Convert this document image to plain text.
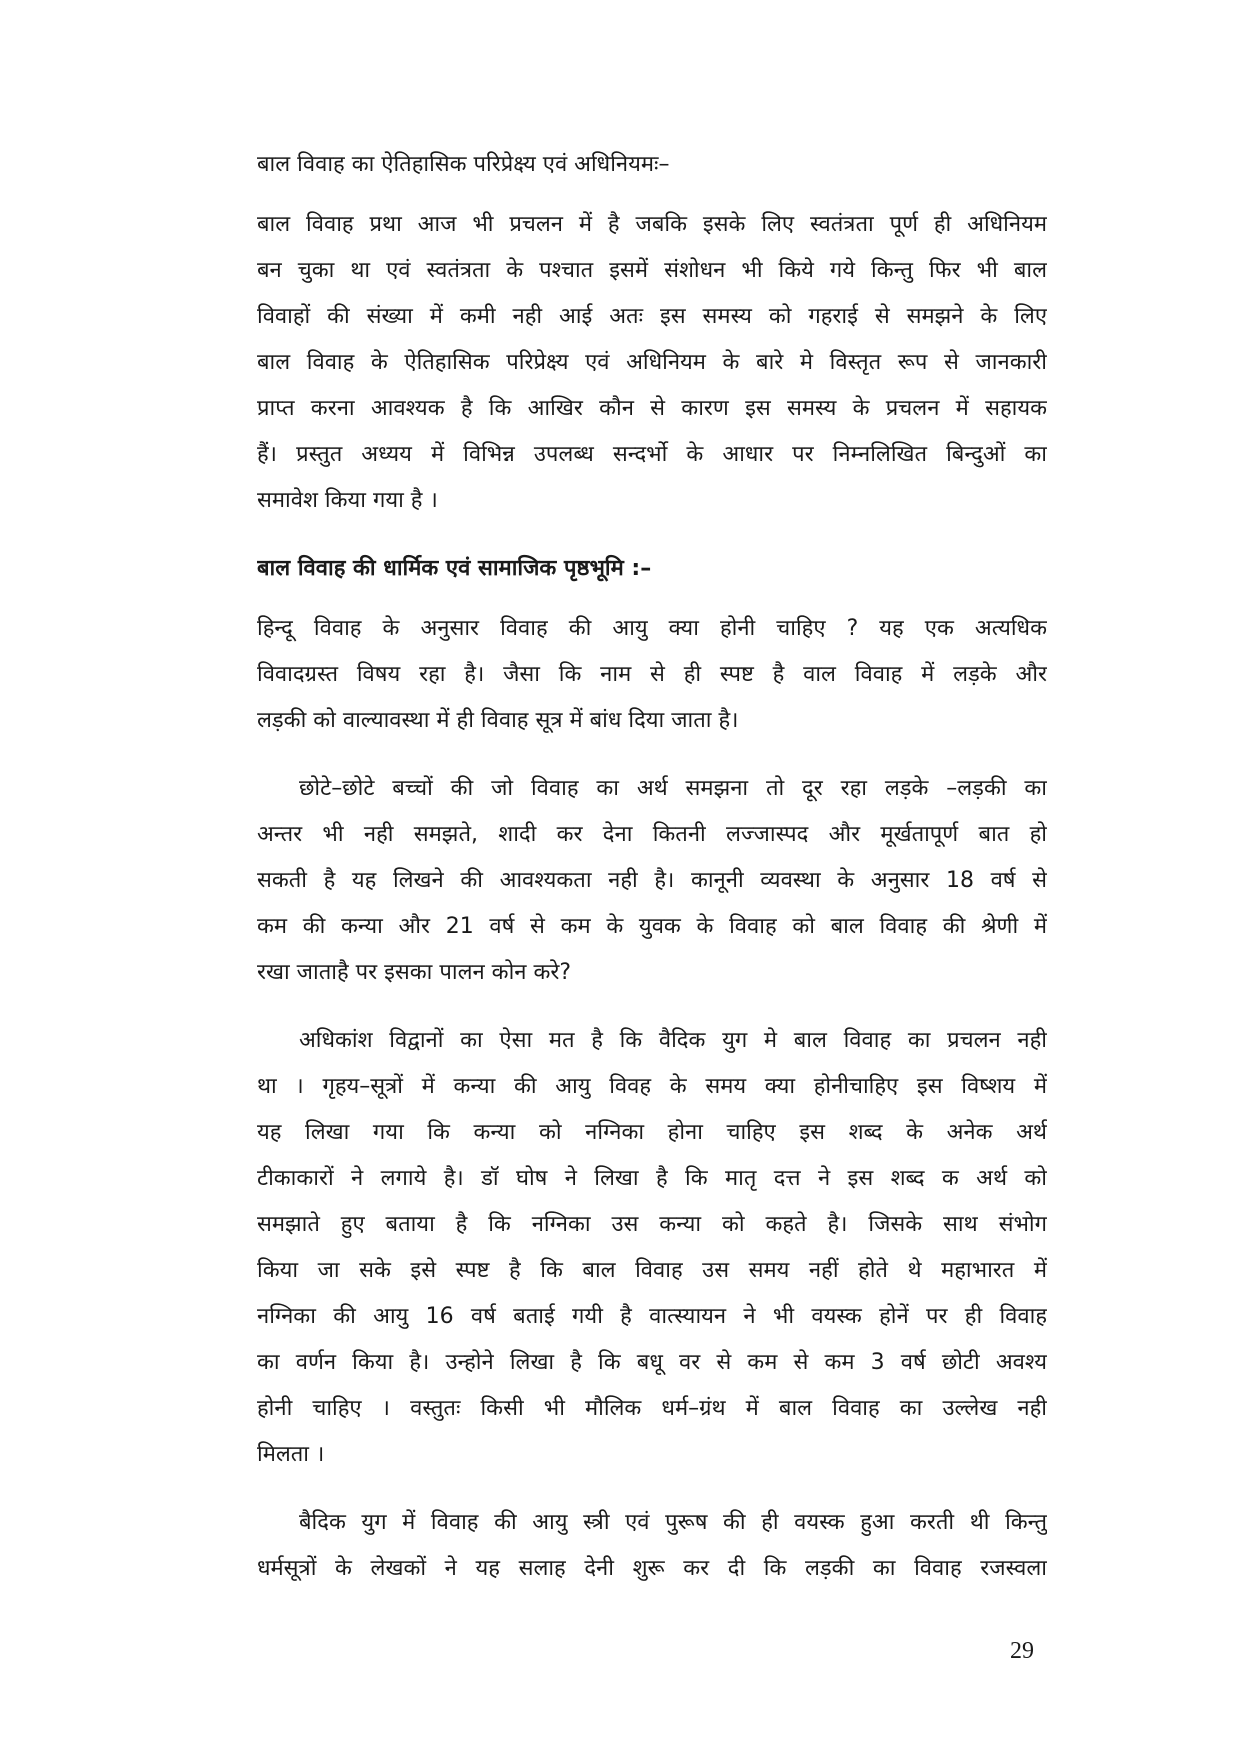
बाल विवाह का ऐतिहासिक परिप्रेक्ष्य एवं अधिनियमः–
बाल विवाह प्रथा आज भी प्रचलन में है जबकि इसके लिए स्वतंत्रता पूर्ण ही अधिनियम
बन चुका था एवं स्वतंत्रता के पश्चात इसमें संशोधन भी किये गये किन्तु फिर भी बाल
विवाहों की संख्या में कमी नही आई अतः इस समस्य को गहराई से समझने के लिए
बाल विवाह के ऐतिहासिक परिप्रेक्ष्य एवं अधिनियम के बारे मे विस्तृत रूप से जानकारी
प्राप्त करना आवश्यक है कि आखिर कौन से कारण इस समस्य के प्रचलन में सहायक
हैं। प्रस्तुत अध्यय में विभिन्न उपलब्ध सन्दर्भो के आधार पर निम्नलिखित बिन्दुओं का
समावेश किया गया है ।
बाल विवाह की धार्मिक एवं सामाजिक पृष्ठभूमि :–
हिन्दू विवाह के अनुसार विवाह की आयु क्या होनी चाहिए ? यह एक अत्यधिक
विवादग्रस्त विषय रहा है। जैसा कि नाम से ही स्पष्ट है वाल विवाह में लड़के और
लड़की को वाल्यावस्था में ही विवाह सूत्र में बांध दिया जाता है।
छोटे–छोटे बच्चों की जो विवाह का अर्थ समझना तो दूर रहा लड़के –लड़की का
अन्तर भी नही समझते, शादी कर देना कितनी लज्जास्पद और मूर्खतापूर्ण बात हो
सकती है यह लिखने की आवश्यकता नही है। कानूनी व्यवस्था के अनुसार 18 वर्ष से
कम की कन्या और 21 वर्ष से कम के युवक के विवाह को बाल विवाह की श्रेणी में
रखा जाताहै पर इसका पालन कोन करे?
अधिकांश विद्वानों का ऐसा मत है कि वैदिक युग मे बाल विवाह का प्रचलन नही
था । गृहय–सूत्रों में कन्या की आयु विवह के समय क्या होनीचाहिए इस विष्शय में
यह लिखा गया कि कन्या को नग्निका होना चाहिए इस शब्द के अनेक अर्थ
टीकाकारों ने लगाये है। डॉ घोष ने लिखा है कि मातृ दत्त ने इस शब्द क अर्थ को
समझाते हुए बताया है कि नग्निका उस कन्या को कहते है। जिसके साथ संभोग
किया जा सके इसे स्पष्ट है कि बाल विवाह उस समय नहीं होते थे महाभारत में
नग्निका की आयु 16 वर्ष बताई गयी है वात्स्यायन ने भी वयस्क होनें पर ही विवाह
का वर्णन किया है। उन्होने लिखा है कि बधू वर से कम से कम 3 वर्ष छोटी अवश्य
होनी चाहिए । वस्तुतः किसी भी मौलिक धर्म–ग्रंथ में बाल विवाह का उल्लेख नही
मिलता ।
बैदिक युग में विवाह की आयु स्त्री एवं पुरूष की ही वयस्क हुआ करती थी किन्तु
धर्मसूत्रों के लेखकों ने यह सलाह देनी शुरू कर दी कि लड़की का विवाह रजस्वला
29
